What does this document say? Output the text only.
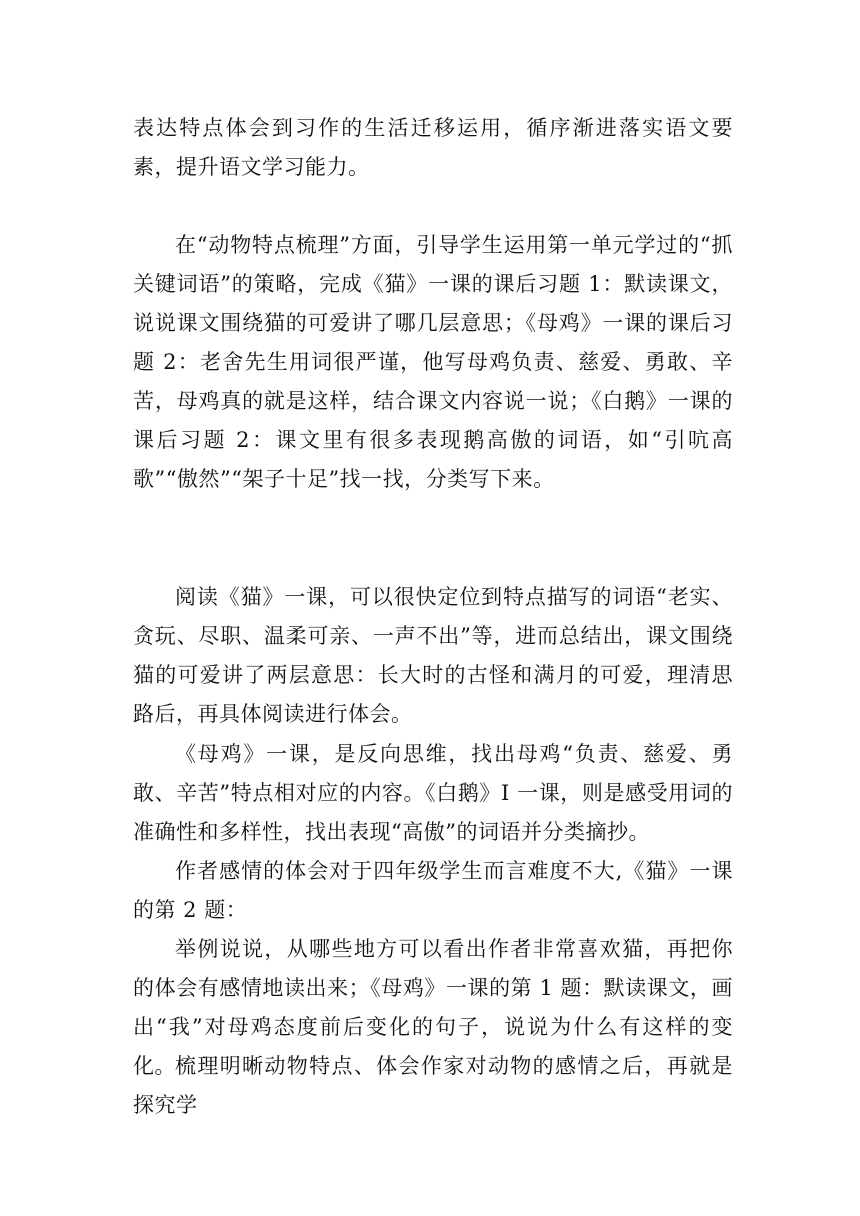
表达特点体会到习作的生活迁移运用，循序渐进落实语文要素，提升语文学习能力。

在“动物特点梳理”方面，引导学生运用第一单元学过的“抓关键词语”的策略，完成《猫》一课的课后习题 1：默读课文，说说课文围绕猫的可爱讲了哪几层意思；《母鸡》一课的课后习题 2：老舍先生用词很严谨，他写母鸡负责、慈爱、勇敢、辛苦，母鸡真的就是这样，结合课文内容说一说；《白鹅》一课的课后习题 2：课文里有很多表现鹅高傲的词语，如“引吭高歌”“傲然”“架子十足”找一找，分类写下来。

阅读《猫》一课，可以很快定位到特点描写的词语“老实、贪玩、尽职、温柔可亲、一声不出”等，进而总结出，课文围绕猫的可爱讲了两层意思：长大时的古怪和满月的可爱，理清思路后，再具体阅读进行体会。

《母鸡》一课，是反向思维，找出母鸡“负责、慈爱、勇敢、辛苦”特点相对应的内容。《白鹅》I 一课，则是感受用词的准确性和多样性，找出表现“高傲”的词语并分类摘抄。

作者感情的体会对于四年级学生而言难度不大,《猫》一课的第 2 题：

举例说说，从哪些地方可以看出作者非常喜欢猫，再把你的体会有感情地读出来；《母鸡》一课的第 1 题：默读课文，画出“我”对母鸡态度前后变化的句子，说说为什么有这样的变化。 梳理明晰动物特点、体会作家对动物的感情之后，再就是探究学
